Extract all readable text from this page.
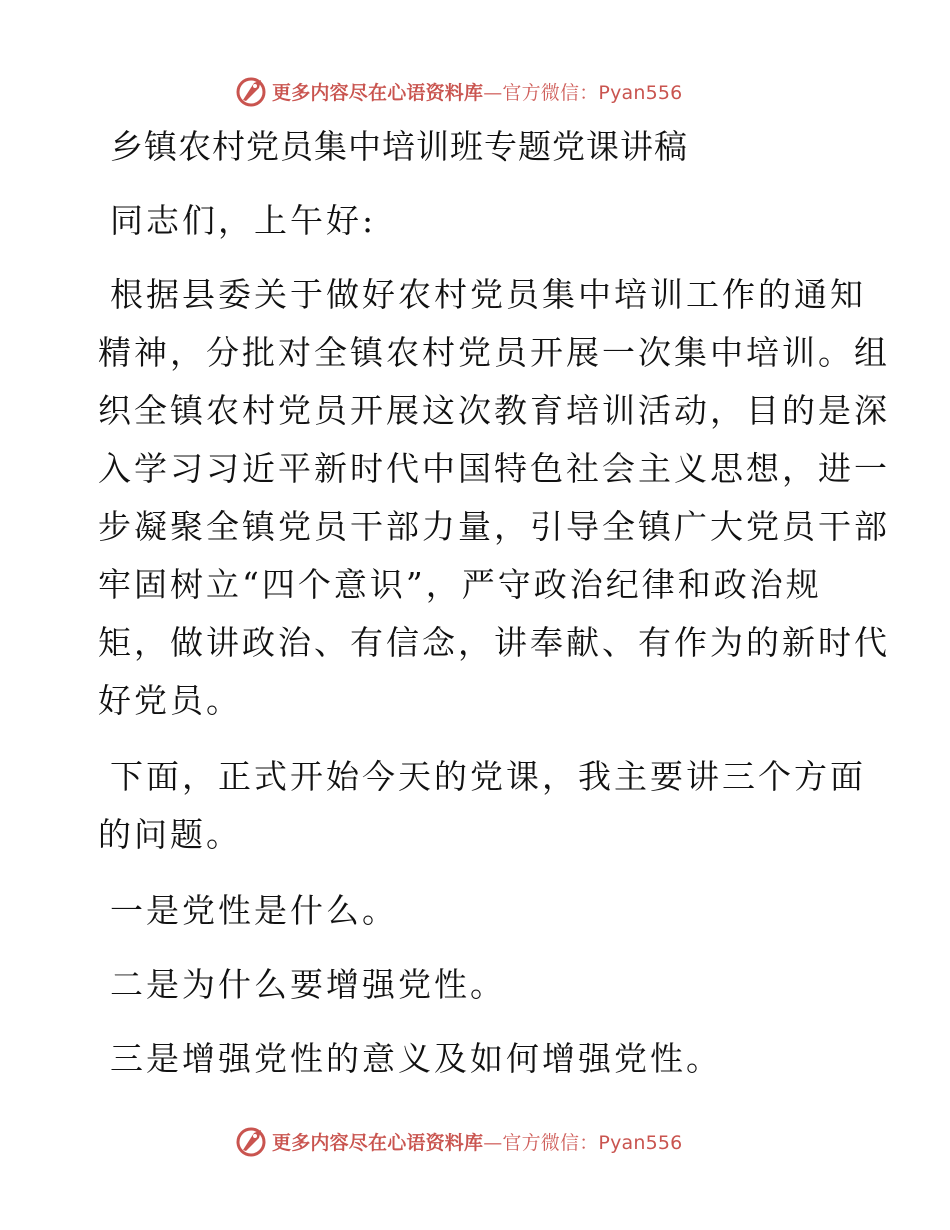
更多内容尽在心语资料库—官方微信：Pyan556
乡镇农村党员集中培训班专题党课讲稿

同志们，上午好:

根据县委关于做好农村党员集中培训工作的通知
精神，分批对全镇农村党员开展一次集中培训。组
织全镇农村党员开展这次教育培训活动，目的是深
入学习习近平新时代中国特色社会主义思想，进一
步凝聚全镇党员干部力量，引导全镇广大党员干部
牢固树立“四个意识”，严守政治纪律和政治规
矩，做讲政治、有信念，讲奉献、有作为的新时代
好党员。

下面，正式开始今天的党课，我主要讲三个方面
的问题。

一是党性是什么。

二是为什么要增强党性。

三是增强党性的意义及如何增强党性。

更多内容尽在心语资料库—官方微信：Pyan556
